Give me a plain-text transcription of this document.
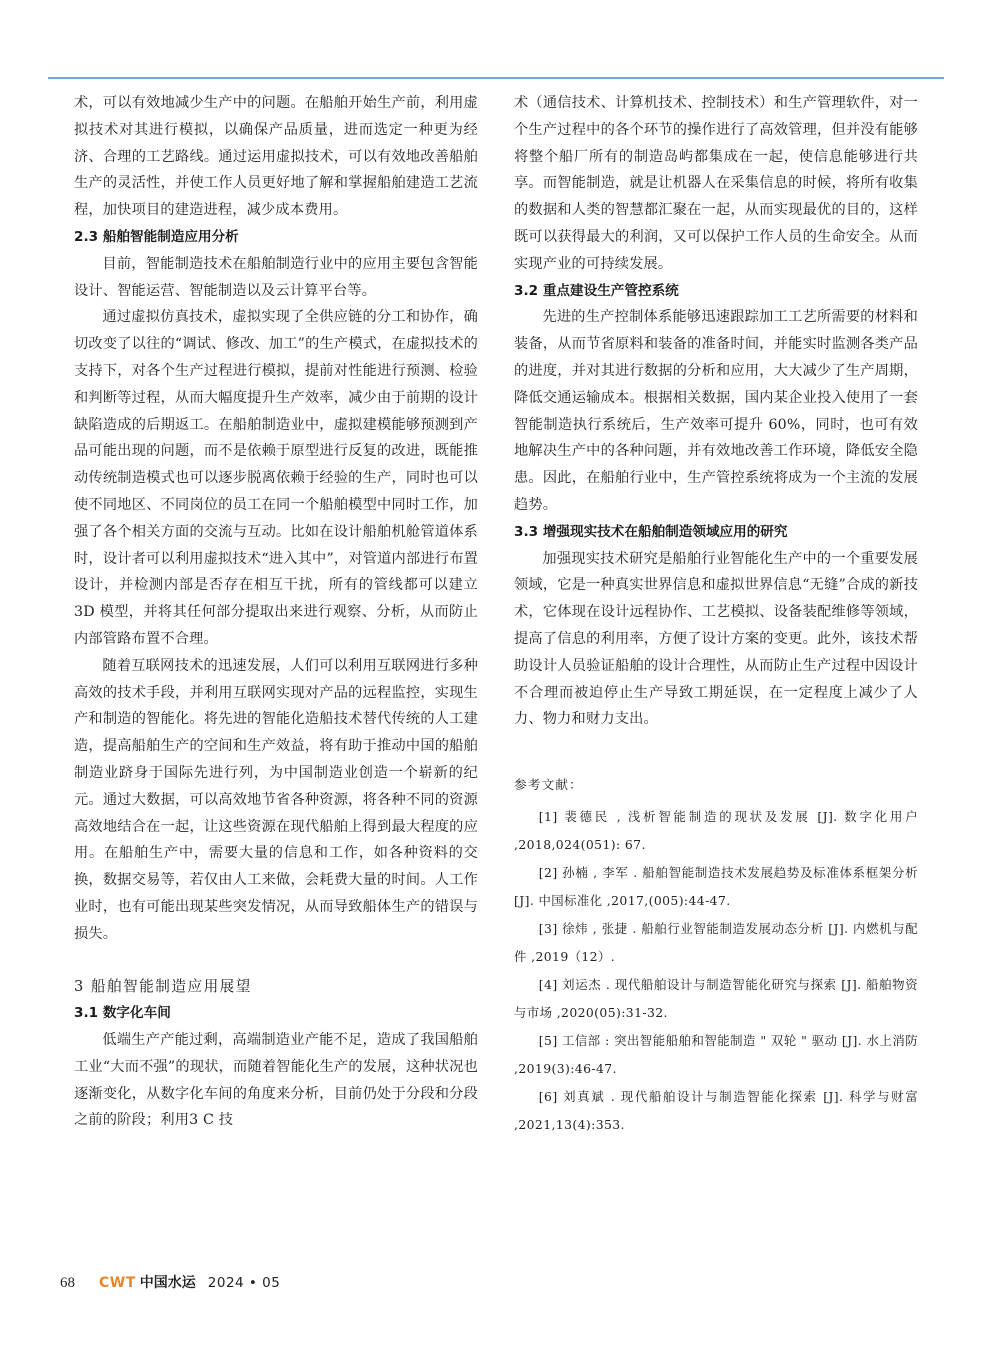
术，可以有效地减少生产中的问题。在船舶开始生产前，利用虚拟技术对其进行模拟，以确保产品质量，进而选定一种更为经济、合理的工艺路线。通过运用虚拟技术，可以有效地改善船舶生产的灵活性，并使工作人员更好地了解和掌握船舶建造工艺流程，加快项目的建造进程，减少成本费用。

2.3 船舶智能制造应用分析

目前，智能制造技术在船舶制造行业中的应用主要包含智能设计、智能运营、智能制造以及云计算平台等。

通过虚拟仿真技术，虚拟实现了全供应链的分工和协作，确切改变了以往的“调试、修改、加工”的生产模式，在虚拟技术的支持下，对各个生产过程进行模拟，提前对性能进行预测、检验和判断等过程，从而大幅度提升生产效率，减少由于前期的设计缺陷造成的后期返工。在船舶制造业中，虚拟建模能够预测到产品可能出现的问题，而不是依赖于原型进行反复的改进，既能推动传统制造模式也可以逐步脱离依赖于经验的生产，同时也可以使不同地区、不同岗位的员工在同一个船舶模型中同时工作，加强了各个相关方面的交流与互动。比如在设计船舶机舱管道体系时，设计者可以利用虚拟技术“进入其中”，对管道内部进行布置设计，并检测内部是否存在相互干扰，所有的管线都可以建立 3D 模型，并将其任何部分提取出来进行观察、分析，从而防止内部管路布置不合理。

随着互联网技术的迅速发展，人们可以利用互联网进行多种高效的技术手段，并利用互联网实现对产品的远程监控，实现生产和制造的智能化。将先进的智能化造船技术替代传统的人工建造，提高船舶生产的空间和生产效益，将有助于推动中国的船舶制造业跻身于国际先进行列，为中国制造业创造一个崭新的纪元。通过大数据，可以高效地节省各种资源，将各种不同的资源高效地结合在一起，让这些资源在现代船舶上得到最大程度的应用。在船舶生产中，需要大量的信息和工作，如各种资料的交换，数据交易等，若仅由人工来做，会耗费大量的时间。人工作业时，也有可能出现某些突发情况，从而导致船体生产的错误与损失。

3 船舶智能制造应用展望
3.1 数字化车间

低端生产产能过剩，高端制造业产能不足，造成了我国船舶工业“大而不强”的现状，而随着智能化生产的发展，这种状况也逐渐变化，从数字化车间的角度来分析，目前仍处于分段和分段之前的阶段；利用3 C 技

术（通信技术、计算机技术、控制技术）和生产管理软件，对一个生产过程中的各个环节的操作进行了高效管理，但并没有能够将整个船厂所有的制造岛屿都集成在一起，使信息能够进行共享。而智能制造，就是让机器人在采集信息的时候，将所有收集的数据和人类的智慧都汇聚在一起，从而实现最优的目的，这样既可以获得最大的利润，又可以保护工作人员的生命安全。从而实现产业的可持续发展。

3.2 重点建设生产管控系统

先进的生产控制体系能够迅速跟踪加工工艺所需要的材料和装备，从而节省原料和装备的准备时间，并能实时监测各类产品的进度，并对其进行数据的分析和应用，大大减少了生产周期，降低交通运输成本。根据相关数据，国内某企业投入使用了一套智能制造执行系统后，生产效率可提升 60%，同时，也可有效地解决生产中的各种问题，并有效地改善工作环境，降低安全隐患。因此，在船舶行业中，生产管控系统将成为一个主流的发展趋势。

3.3 增强现实技术在船舶制造领域应用的研究

加强现实技术研究是船舶行业智能化生产中的一个重要发展领域，它是一种真实世界信息和虚拟世界信息“无缝”合成的新技术，它体现在设计远程协作、工艺模拟、设备装配维修等领域，提高了信息的利用率，方便了设计方案的变更。此外，该技术帮助设计人员验证船舶的设计合理性，从而防止生产过程中因设计不合理而被迫停止生产导致工期延误，在一定程度上减少了人力、物力和财力支出。

参考文献：

[1] 裴德民 , 浅析智能制造的现状及发展 [J]. 数字化用户 ,2018,024(051): 67.

[2] 孙楠 , 李军 . 船舶智能制造技术发展趋势及标准体系框架分析 [J]. 中国标准化 ,2017,(005):44-47.

[3] 徐炜 , 张捷 . 船舶行业智能制造发展动态分析 [J]. 内燃机与配件 ,2019（12）.

[4] 刘运杰 . 现代船舶设计与制造智能化研究与探索 [J]. 船舶物资与市场 ,2020(05):31-32.

[5] 工信部 : 突出智能船舶和智能制造 " 双轮 " 驱动 [J]. 水上消防 ,2019(3):46-47.

[6] 刘真斌 . 现代船舶设计与制造智能化探索 [J]. 科学与财富 ,2021,13(4):353.

68 CWT 中国水运 2024 • 05
